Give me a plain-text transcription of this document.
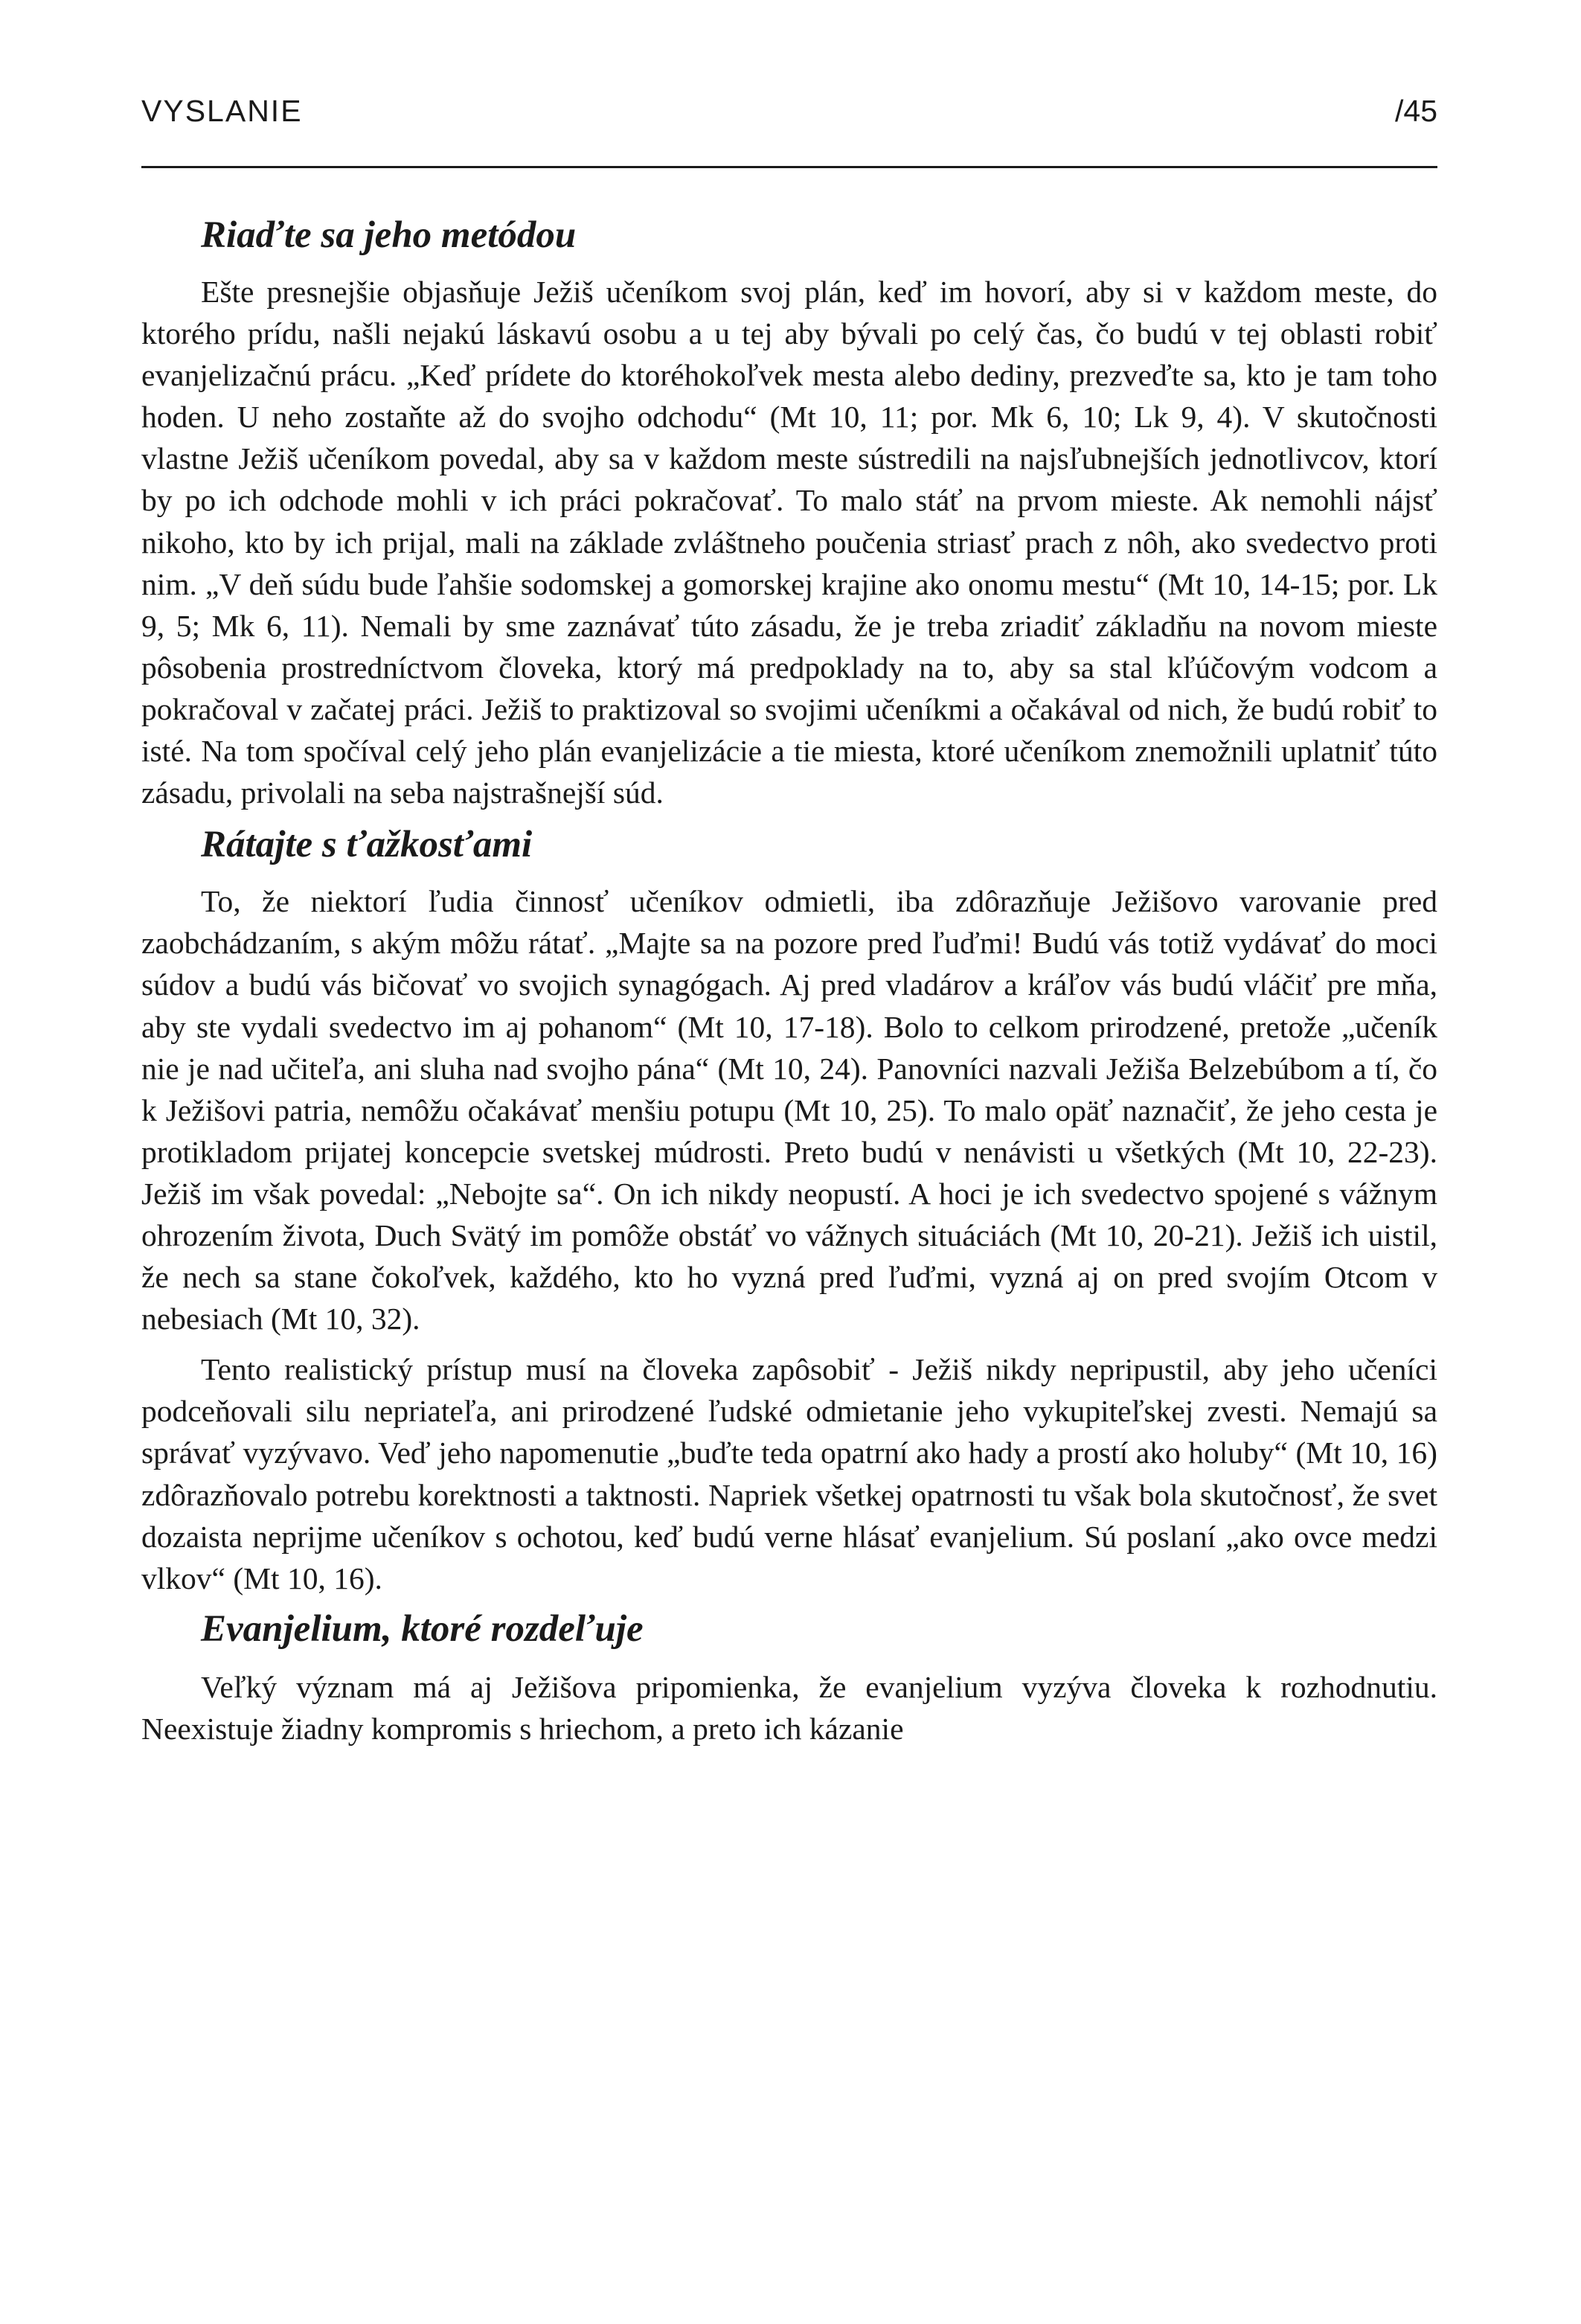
VYSLANIE	/45
Riaďte sa jeho metódou

Ešte presnejšie objasňuje Ježiš učeníkom svoj plán, keď im hovorí, aby si v každom meste, do ktorého prídu, našli nejakú láskavú osobu a u tej aby bývali po celý čas, čo budú v tej oblasti robiť evanjelizačnú prácu. „Keď prídete do ktoréhokoľvek mesta alebo dediny, prezveďte sa, kto je tam toho hoden. U neho zostaňte až do svojho odchodu“ (Mt 10, 11; por. Mk 6, 10; Lk 9, 4). V skutočnosti vlastne Ježiš učeníkom povedal, aby sa v každom meste sústredili na najsľubnejších jednotlivcov, ktorí by po ich odchode mohli v ich práci pokračovať. To malo stáť na prvom mieste. Ak nemohli nájsť nikoho, kto by ich prijal, mali na základe zvláštneho poučenia striasť prach z nôh, ako svedectvo proti nim. „V deň súdu bude ľahšie sodomskej a gomorskej krajine ako onomu mestu“ (Mt 10, 14-15; por. Lk 9, 5; Mk 6, 11). Nemali by sme zaznávať túto zásadu, že je treba zriadiť základňu na novom mieste pôsobenia prostredníctvom človeka, ktorý má predpoklady na to, aby sa stal kľúčovým vodcom a pokračoval v začatej práci. Ježiš to praktizoval so svojimi učeníkmi a očakával od nich, že budú robiť to isté. Na tom spočíval celý jeho plán evanjelizácie a tie miesta, ktoré učeníkom znemožnili uplatniť túto zásadu, privolali na seba najstrašnejší súd.

Rátajte s ťažkosťami

To, že niektorí ľudia činnosť učeníkov odmietli, iba zdôrazňuje Ježišovo varovanie pred zaobchádzaním, s akým môžu rátať. „Majte sa na pozore pred ľuďmi! Budú vás totiž vydávať do moci súdov a budú vás bičovať vo svojich synagógach. Aj pred vladárov a kráľov vás budú vláčiť pre mňa, aby ste vydali svedectvo im aj pohanom“ (Mt 10, 17-18). Bolo to celkom prirodzené, pretože „učeník nie je nad učiteľa, ani sluha nad svojho pána“ (Mt 10, 24). Panovníci nazvali Ježiša Belzebúbom a tí, čo k Ježišovi patria, nemôžu očakávať menšiu potupu (Mt 10, 25). To malo opäť naznačiť, že jeho cesta je protikladom prijatej koncepcie svetskej múdrosti. Preto budú v nenávisti u všetkých (Mt 10, 22-23). Ježiš im však povedal: „Nebojte sa“. On ich nikdy neopustí. A hoci je ich svedectvo spojené s vážnym ohrozením života, Duch Svätý im pomôže obstáť vo vážnych situáciách (Mt 10, 20-21). Ježiš ich uistil, že nech sa stane čokoľvek, každého, kto ho vyzná pred ľuďmi, vyzná aj on pred svojím Otcom v nebesiach (Mt 10, 32).

Tento realistický prístup musí na človeka zapôsobiť - Ježiš nikdy nepripustil, aby jeho učeníci podceňovali silu nepriateľa, ani prirodzené ľudské odmietanie jeho vykupiteľskej zvesti. Nemajú sa správať vyzývavo. Veď jeho napomenutie „buďte teda opatrní ako hady a prostí ako holuby“ (Mt 10, 16) zdôrazňovalo potrebu korektnosti a taktnosti. Napriek všetkej opatrnosti tu však bola skutočnosť, že svet dozaista neprijme učeníkov s ochotou, keď budú verne hlásať evanjelium. Sú poslaní „ako ovce medzi vlkov“ (Mt 10, 16).

Evanjelium, ktoré rozdeľuje

Veľký význam má aj Ježišova pripomienka, že evanjelium vyzýva človeka k rozhodnutiu. Neexistuje žiadny kompromis s hriechom, a preto ich kázanie
